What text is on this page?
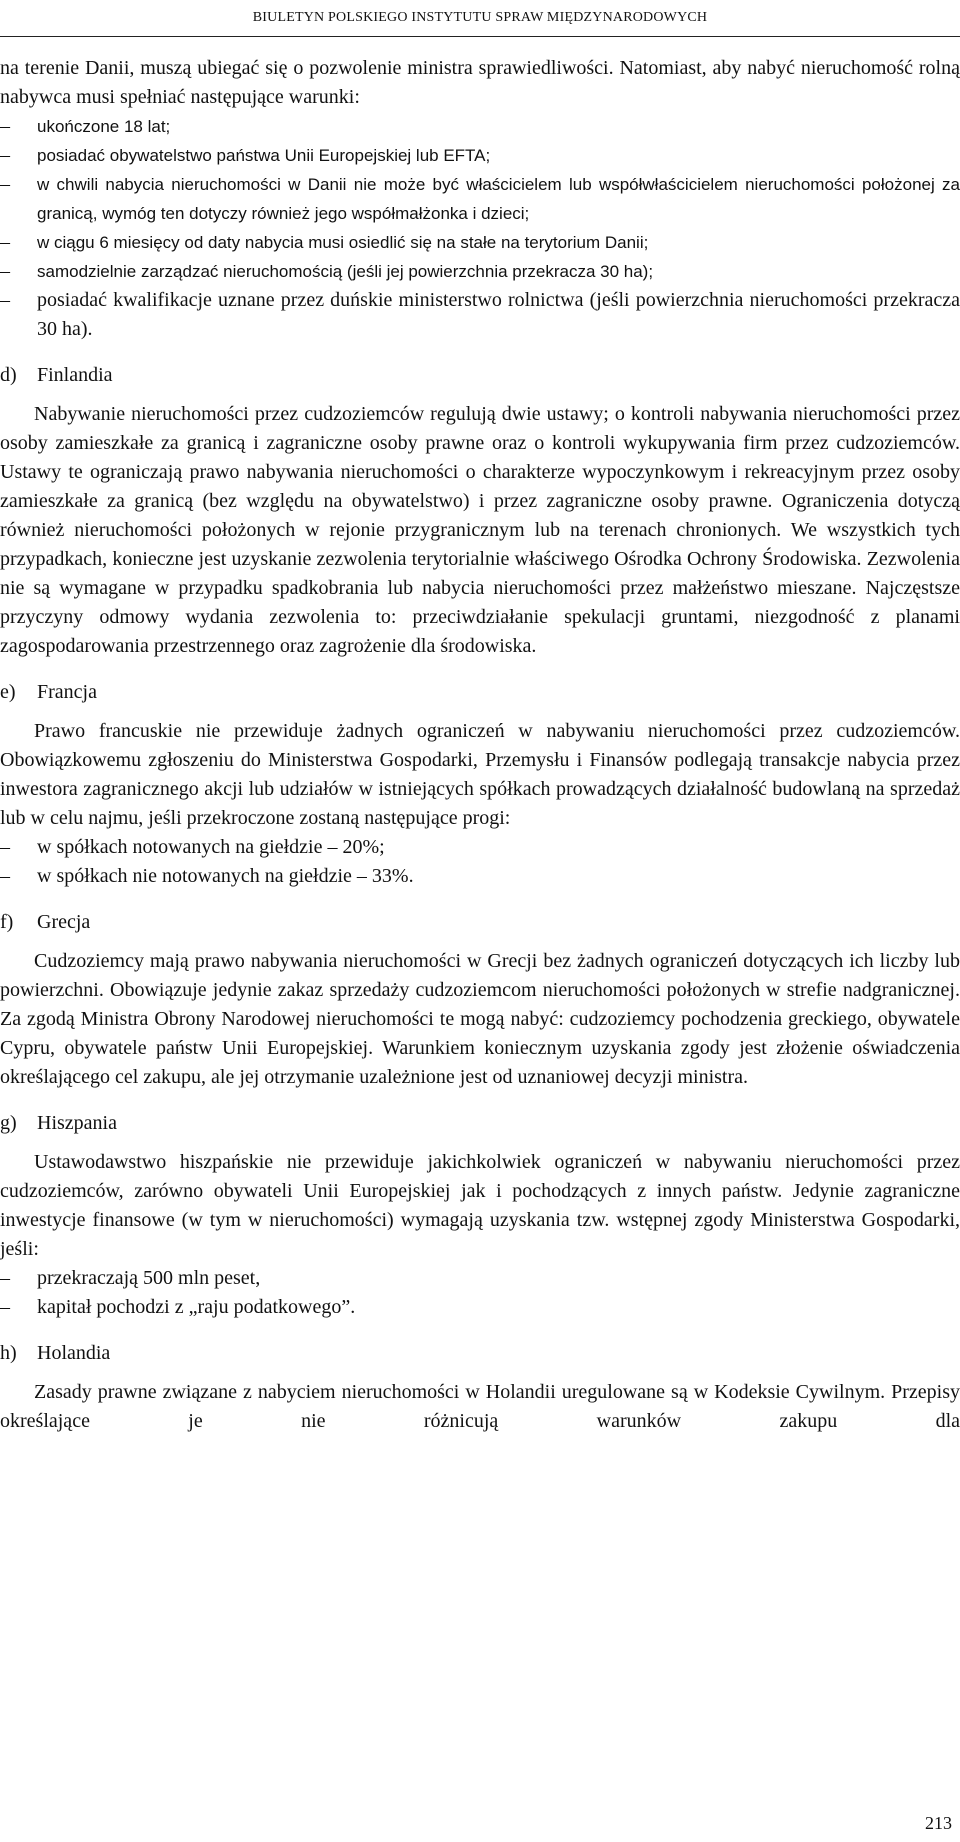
BIULETYN POLSKIEGO INSTYTUTU SPRAW MIĘDZYNARODOWYCH

na terenie Danii, muszą ubiegać się o pozwolenie ministra sprawiedliwości. Natomiast, aby nabyć nieruchomość rolną nabywca musi spełniać następujące warunki:

– ukończone 18 lat;
– posiadać obywatelstwo państwa Unii Europejskiej lub EFTA;
– w chwili nabycia nieruchomości w Danii nie może być właścicielem lub współwłaścicielem nieruchomości położonej za granicą, wymóg ten dotyczy również jego współmałżonka i dzieci;
– w ciągu 6 miesięcy od daty nabycia musi osiedlić się na stałe na terytorium Danii;
– samodzielnie zarządzać nieruchomością (jeśli jej powierzchnia przekracza 30 ha);
– posiadać kwalifikacje uznane przez duńskie ministerstwo rolnictwa (jeśli powierzchnia nieruchomości przekracza 30 ha).
d) Finlandia

Nabywanie nieruchomości przez cudzoziemców regulują dwie ustawy; o kontroli nabywania nieruchomości przez osoby zamieszkałe za granicą i zagraniczne osoby prawne oraz o kontroli wykupywania firm przez cudzoziemców. Ustawy te ograniczają prawo nabywania nieruchomości o charakterze wypoczynkowym i rekreacyjnym przez osoby zamieszkałe za granicą (bez względu na obywatelstwo) i przez zagraniczne osoby prawne. Ograniczenia dotyczą również nieruchomości położonych w rejonie przygranicznym lub na terenach chronionych. We wszystkich tych przypadkach, konieczne jest uzyskanie zezwolenia terytorialnie właściwego Ośrodka Ochrony Środowiska. Zezwolenia nie są wymagane w przypadku spadkobrania lub nabycia nieruchomości przez małżeństwo mieszane. Najczęstsze przyczyny odmowy wydania zezwolenia to: przeciwdziałanie spekulacji gruntami, niezgodność z planami zagospodarowania przestrzennego oraz zagrożenie dla środowiska.

e) Francja

Prawo francuskie nie przewiduje żadnych ograniczeń w nabywaniu nieruchomości przez cudzoziemców. Obowiązkowemu zgłoszeniu do Ministerstwa Gospodarki, Przemysłu i Finansów podlegają transakcje nabycia przez inwestora zagranicznego akcji lub udziałów w istniejących spółkach prowadzących działalność budowlaną na sprzedaż lub w celu najmu, jeśli przekroczone zostaną następujące progi:

– w spółkach notowanych na giełdzie – 20%;
– w spółkach nie notowanych na giełdzie – 33%.
f) Grecja

Cudzoziemcy mają prawo nabywania nieruchomości w Grecji bez żadnych ograniczeń dotyczących ich liczby lub powierzchni. Obowiązuje jedynie zakaz sprzedaży cudzoziemcom nieruchomości położonych w strefie nadgranicznej. Za zgodą Ministra Obrony Narodowej nieruchomości te mogą nabyć: cudzoziemcy pochodzenia greckiego, obywatele Cypru, obywatele państw Unii Europejskiej. Warunkiem koniecznym uzyskania zgody jest złożenie oświadczenia określającego cel zakupu, ale jej otrzymanie uzależnione jest od uznaniowej decyzji ministra.

g) Hiszpania

Ustawodawstwo hiszpańskie nie przewiduje jakichkolwiek ograniczeń w nabywaniu nieruchomości przez cudzoziemców, zarówno obywateli Unii Europejskiej jak i pochodzących z innych państw. Jedynie zagraniczne inwestycje finansowe (w tym w nieruchomości) wymagają uzyskania tzw. wstępnej zgody Ministerstwa Gospodarki, jeśli:

– przekraczają 500 mln peset,
– kapitał pochodzi z „raju podatkowego”.
h) Holandia

Zasady prawne związane z nabyciem nieruchomości w Holandii uregulowane są w Kodeksie Cywilnym. Przepisy określające je nie różnicują warunków zakupu dla

213
